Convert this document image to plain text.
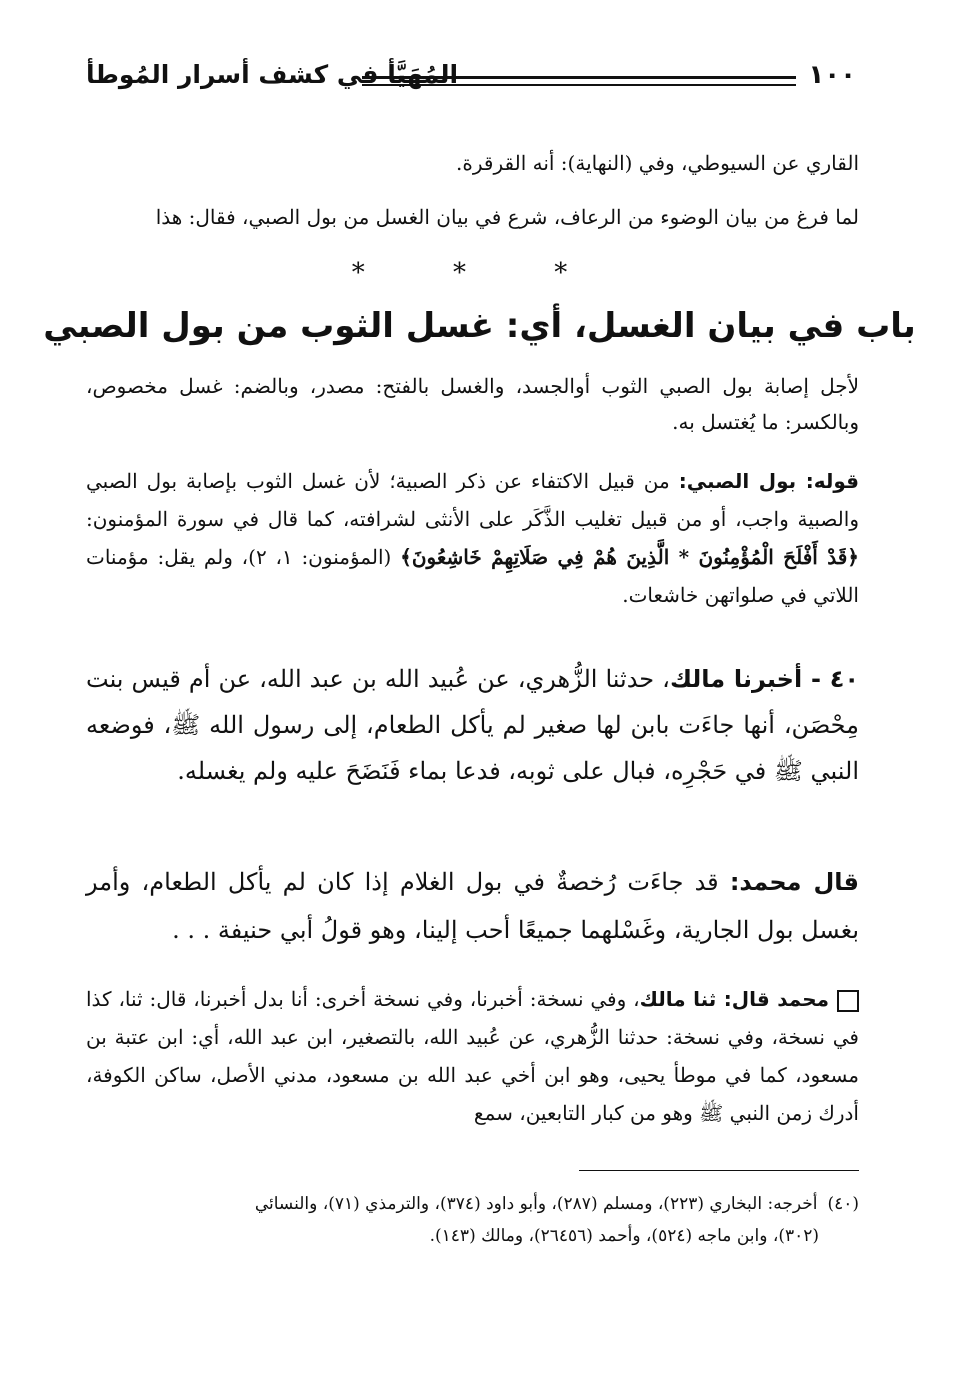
١٠٠
المُهَيَّأ في كشف أسرار المُوطأ
القاري عن السيوطي، وفي (النهاية): أنه القرقرة.
لما فرغ من بيان الوضوء من الرعاف، شرع في بيان الغسل من بول الصبي، فقال: هذا
* * *
باب في بيان الغسل، أي: غسل الثوب من بول الصبي
لأجل إصابة بول الصبي الثوب أوالجسد، والغسل بالفتح: مصدر، وبالضم: غسل مخصوص، وبالكسر: ما يُغتسل به.
قوله: بول الصبي: من قبيل الاكتفاء عن ذكر الصبية؛ لأن غسل الثوب بإصابة بول الصبي والصبية واجب، أو من قبيل تغليب الذَّكَر على الأنثى لشرافته، كما قال في سورة المؤمنون: ﴿قَدْ أَفْلَحَ الْمُؤْمِنُونَ * الَّذِينَ هُمْ فِي صَلَاتِهِمْ خَاشِعُونَ﴾ (المؤمنون: ١، ٢)، ولم يقل: مؤمنات اللاتي في صلواتهن خاشعات.
٤٠ - أخبرنا مالك، حدثنا الزُّهري، عن عُبيد الله بن عبد الله، عن أم قيس بنت مِحْصَن، أنها جاءَت بابن لها صغير لم يأكل الطعام، إلى رسول الله ﷺ، فوضعه النبي ﷺ في حَجْرِه، فبال على ثوبه، فدعا بماء فَنَضَحَ عليه ولم يغسله.
قال محمد: قد جاءَت رُخصةٌ في بول الغلام إذا كان لم يأكل الطعام، وأمر بغسل بول الجارية، وغَسْلهما جميعًا أحب إلينا، وهو قولُ أبي حنيفة . . .
محمد قال: ثنا مالك، وفي نسخة: أخبرنا، وفي نسخة أخرى: أنا بدل أخبرنا، قال: ثنا، كذا في نسخة، وفي نسخة: حدثنا الزُّهري، عن عُبيد الله، بالتصغير، ابن عبد الله، أي: ابن عتبة بن مسعود، كما في موطأ يحيى، وهو ابن أخي عبد الله بن مسعود، مدني الأصل، ساكن الكوفة، أدرك زمن النبي ﷺ وهو من كبار التابعين، سمع
(٤٠)أخرجه: البخاري (٢٢٣)، ومسلم (٢٨٧)، وأبو داود (٣٧٤)، والترمذي (٧١)، والنسائي
(٣٠٢)، وابن ماجه (٥٢٤)، وأحمد (٢٦٤٥٦)، ومالك (١٤٣).
